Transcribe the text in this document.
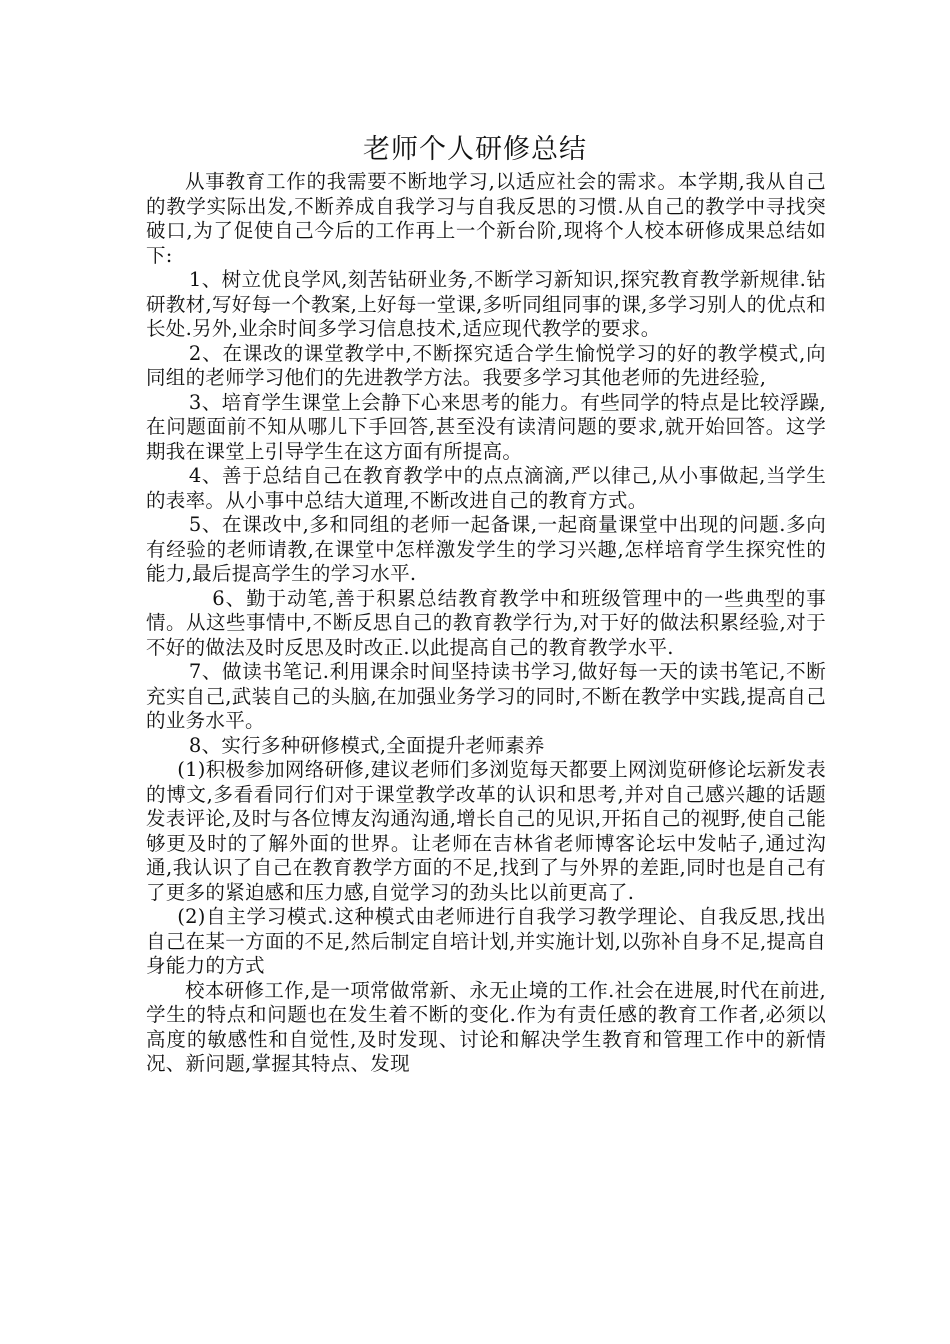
老师个人研修总结

从事教育工作的我需要不断地学习,以适应社会的需求。本学期,我从自己的教学实际出发,不断养成自我学习与自我反思的习惯.从自己的教学中寻找突破口,为了促使自己今后的工作再上一个新台阶,现将个人校本研修成果总结如下:

1、树立优良学风,刻苦钻研业务,不断学习新知识,探究教育教学新规律.钻研教材,写好每一个教案,上好每一堂课,多听同组同事的课,多学习别人的优点和长处.另外,业余时间多学习信息技术,适应现代教学的要求。

2、在课改的课堂教学中,不断探究适合学生愉悦学习的好的教学模式,向同组的老师学习他们的先进教学方法。我要多学习其他老师的先进经验,

3、培育学生课堂上会静下心来思考的能力。有些同学的特点是比较浮躁,在问题面前不知从哪儿下手回答,甚至没有读清问题的要求,就开始回答。这学期我在课堂上引导学生在这方面有所提高。

4、善于总结自己在教育教学中的点点滴滴,严以律己,从小事做起,当学生的表率。从小事中总结大道理,不断改进自己的教育方式。

5、在课改中,多和同组的老师一起备课,一起商量课堂中出现的问题.多向有经验的老师请教,在课堂中怎样激发学生的学习兴趣,怎样培育学生探究性的能力,最后提高学生的学习水平.

6、勤于动笔,善于积累总结教育教学中和班级管理中的一些典型的事情。从这些事情中,不断反思自己的教育教学行为,对于好的做法积累经验,对于不好的做法及时反思及时改正.以此提高自己的教育教学水平.

7、做读书笔记.利用课余时间坚持读书学习,做好每一天的读书笔记,不断充实自己,武装自己的头脑,在加强业务学习的同时,不断在教学中实践,提高自己的业务水平。

8、实行多种研修模式,全面提升老师素养

(1)积极参加网络研修,建议老师们多浏览每天都要上网浏览研修论坛新发表的博文,多看看同行们对于课堂教学改革的认识和思考,并对自己感兴趣的话题发表评论,及时与各位博友沟通沟通,增长自己的见识,开拓自己的视野,使自己能够更及时的了解外面的世界。让老师在吉林省老师博客论坛中发帖子,通过沟通,我认识了自己在教育教学方面的不足,找到了与外界的差距,同时也是自己有了更多的紧迫感和压力感,自觉学习的劲头比以前更高了.

(2)自主学习模式.这种模式由老师进行自我学习教学理论、自我反思,找出自己在某一方面的不足,然后制定自培计划,并实施计划,以弥补自身不足,提高自身能力的方式

校本研修工作,是一项常做常新、永无止境的工作.社会在进展,时代在前进,学生的特点和问题也在发生着不断的变化.作为有责任感的教育工作者,必须以高度的敏感性和自觉性,及时发现、讨论和解决学生教育和管理工作中的新情况、新问题,掌握其特点、发现
